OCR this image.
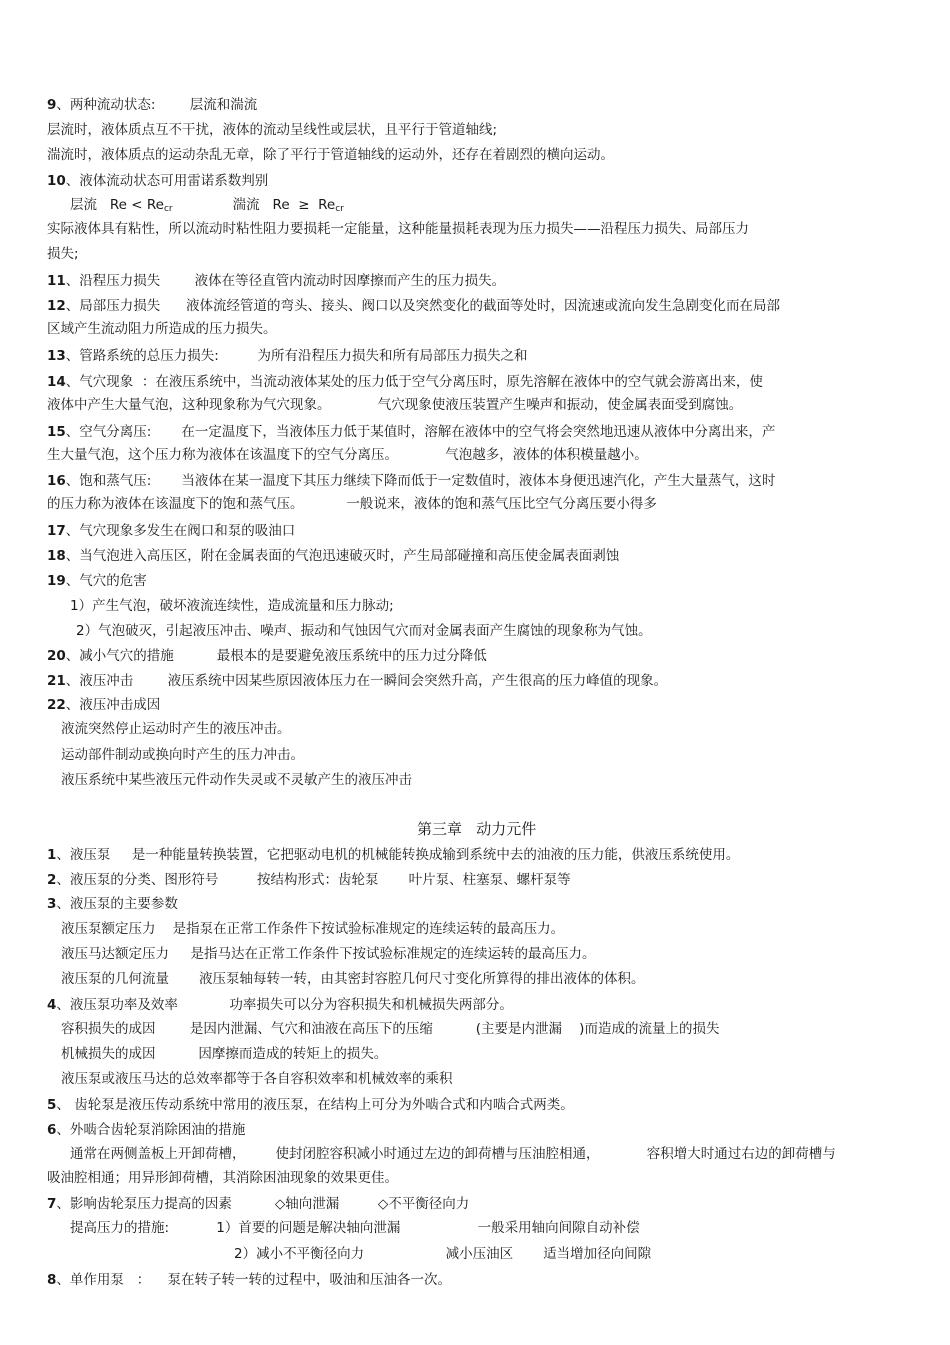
9、两种流动状态:        层流和湍流
层流时，液体质点互不干扰，液体的流动呈线性或层状，且平行于管道轴线;
湍流时，液体质点的运动杂乱无章，除了平行于管道轴线的运动外，还存在着剧烈的横向运动。
10、液体流动状态可用雷诺系数判别
层流 $Re < Re_{cr}$	湍流 $Re \ge Re_{cr}$
实际液体具有粘性，所以流动时粘性阻力要损耗一定能量，这种能量损耗表现为压力损失——沿程压力损失、局部压力
损失;
11、沿程压力损失        液体在等径直管内流动时因摩擦而产生的压力损失。
12、局部压力损失      液体流经管道的弯头、接头、阀口以及突然变化的截面等处时，因流速或流向发生急剧变化而在局部
区域产生流动阻力所造成的压力损失。
13、管路系统的总压力损失:         为所有沿程压力损失和所有局部压力损失之和
14、气穴现象  ：在液压系统中，当流动液体某处的压力低于空气分离压时，原先溶解在液体中的空气就会游离出来，使
液体中产生大量气泡，这种现象称为气穴现象。           气穴现象使液压装置产生噪声和振动，使金属表面受到腐蚀。
15、空气分离压:       在一定温度下，当液体压力低于某值时，溶解在液体中的空气将会突然地迅速从液体中分离出来，产
生大量气泡，这个压力称为液体在该温度下的空气分离压。           气泡越多，液体的体积模量越小。
16、饱和蒸气压:       当液体在某一温度下其压力继续下降而低于一定数值时，液体本身便迅速汽化，产生大量蒸气，这时
的压力称为液体在该温度下的饱和蒸气压。          一般说来，液体的饱和蒸气压比空气分离压要小得多
17、气穴现象多发生在阀口和泵的吸油口
18、当气泡进入高压区，附在金属表面的气泡迅速破灭时，产生局部碰撞和高压使金属表面剥蚀
19、气穴的危害
1）产生气泡，破坏液流连续性，造成流量和压力脉动;
2）气泡破灭，引起液压冲击、噪声、振动和气蚀因气穴而对金属表面产生腐蚀的现象称为气蚀。
20、减小气穴的措施          最根本的是要避免液压系统中的压力过分降低
21、液压冲击        液压系统中因某些原因液体压力在一瞬间会突然升高，产生很高的压力峰值的现象。
22、液压冲击成因
液流突然停止运动时产生的液压冲击。
运动部件制动或换向时产生的压力冲击。
液压系统中某些液压元件动作失灵或不灵敏产生的液压冲击
第三章   动力元件
1、液压泵     是一种能量转换装置，它把驱动电机的机械能转换成输到系统中去的油液的压力能，供液压系统使用。
2、液压泵的分类、图形符号         按结构形式：齿轮泵       叶片泵、柱塞泵、螺杆泵等
3、液压泵的主要参数
液压泵额定压力    是指泵在正常工作条件下按试验标准规定的连续运转的最高压力。
液压马达额定压力     是指马达在正常工作条件下按试验标准规定的连续运转的最高压力。
液压泵的几何流量       液压泵轴每转一转，由其密封容腔几何尺寸变化所算得的排出液体的体积。
4、液压泵功率及效率            功率损失可以分为容积损失和机械损失两部分。
容积损失的成因        是因内泄漏、气穴和油液在高压下的压缩          (主要是内泄漏    )而造成的流量上的损失
机械损失的成因          因摩擦而造成的转矩上的损失。
液压泵或液压马达的总效率都等于各自容积效率和机械效率的乘积
5、 齿轮泵是液压传动系统中常用的液压泵，在结构上可分为外啮合式和内啮合式两类。
6、外啮合齿轮泵消除困油的措施
通常在两侧盖板上开卸荷槽，       使封闭腔容积减小时通过左边的卸荷槽与压油腔相通，           容积增大时通过右边的卸荷槽与
吸油腔相通；用异形卸荷槽，其消除困油现象的效果更佳。
7、影响齿轮泵压力提高的因素          ◇轴向泄漏         ◇不平衡径向力
提高压力的措施:           1）首要的问题是解决轴向泄漏                  一般采用轴向间隙自动补偿
2）减小不平衡径向力                   减小压油区       适当增加径向间隙
8、单作用泵   ：    泵在转子转一转的过程中，吸油和压油各一次。
